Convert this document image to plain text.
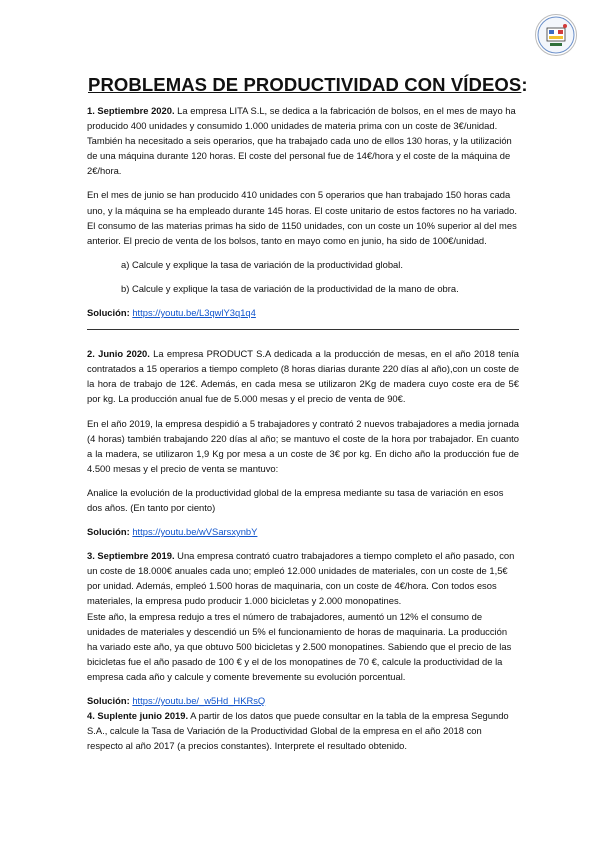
PROBLEMAS DE PRODUCTIVIDAD CON VÍDEOS:

1. Septiembre 2020. La empresa LITA S.L, se dedica a la fabricación de bolsos, en el mes de mayo ha producido 400 unidades y consumido 1.000 unidades de materia prima con un coste de 3€/unidad. También ha necesitado a seis operarios, que ha trabajado cada uno de ellos 130 horas, y la utilización de una máquina durante 120 horas. El coste del personal fue de 14€/hora y el coste de la máquina de 2€/hora.

En el mes de junio se han producido 410 unidades con 5 operarios que han trabajado 150 horas cada uno, y la máquina se ha empleado durante 145 horas. El coste unitario de estos factores no ha variado. El consumo de las materias primas ha sido de 1150 unidades, con un coste un 10% superior al del mes anterior. El precio de venta de los bolsos, tanto en mayo como en junio, ha sido de 100€/unidad.

a) Calcule y explique la tasa de variación de la productividad global.

b) Calcule y explique la tasa de variación de la productividad de la mano de obra.

Solución: https://youtu.be/L3qwlY3q1q4

2. Junio 2020. La empresa PRODUCT S.A dedicada a la producción de mesas, en el año 2018 tenía contratados a 15 operarios a tiempo completo (8 horas diarias durante 220 días al año),con un coste de la hora de trabajo de 12€. Además, en cada mesa se utilizaron 2Kg de madera cuyo coste era de 5€ por kg. La producción anual fue de 5.000 mesas y el precio de venta de 90€.

En el año 2019, la empresa despidió a 5 trabajadores y contrató 2 nuevos trabajadores a media jornada (4 horas) también trabajando 220 días al año; se mantuvo el coste de la hora por trabajador. En cuanto a la madera, se utilizaron 1,9 Kg por mesa a un coste de 3€ por kg. En dicho año la producción fue de 4.500 mesas y el precio de venta se mantuvo:

Analice la evolución de la productividad global de la empresa mediante su tasa de variación en esos dos años. (En tanto por ciento)

Solución: https://youtu.be/wVSarsxynbY

3. Septiembre 2019. Una empresa contrató cuatro trabajadores a tiempo completo el año pasado, con un coste de 18.000€ anuales cada uno; empleó 12.000 unidades de materiales, con un coste de 1,5€ por unidad. Además, empleó 1.500 horas de maquinaria, con un coste de 4€/hora. Con todos esos materiales, la empresa pudo producir 1.000 bicicletas y 2.000 monopatines.

Este año, la empresa redujo a tres el número de trabajadores, aumentó un 12% el consumo de unidades de materiales y descendió un 5% el funcionamiento de horas de maquinaria. La producción ha variado este año, ya que obtuvo 500 bicicletas y 2.500 monopatines. Sabiendo que el precio de las bicicletas fue el año pasado de 100 € y el de los monopatines de 70 €, calcule la productividad de la empresa cada año y calcule y comente brevemente su evolución porcentual.

Solución: https://youtu.be/_w5Hd_HKRsQ

4. Suplente junio 2019. A partir de los datos que puede consultar en la tabla de la empresa Segundo S.A., calcule la Tasa de Variación de la Productividad Global de la empresa en el año 2018 con respecto al año 2017 (a precios constantes). Interprete el resultado obtenido.
